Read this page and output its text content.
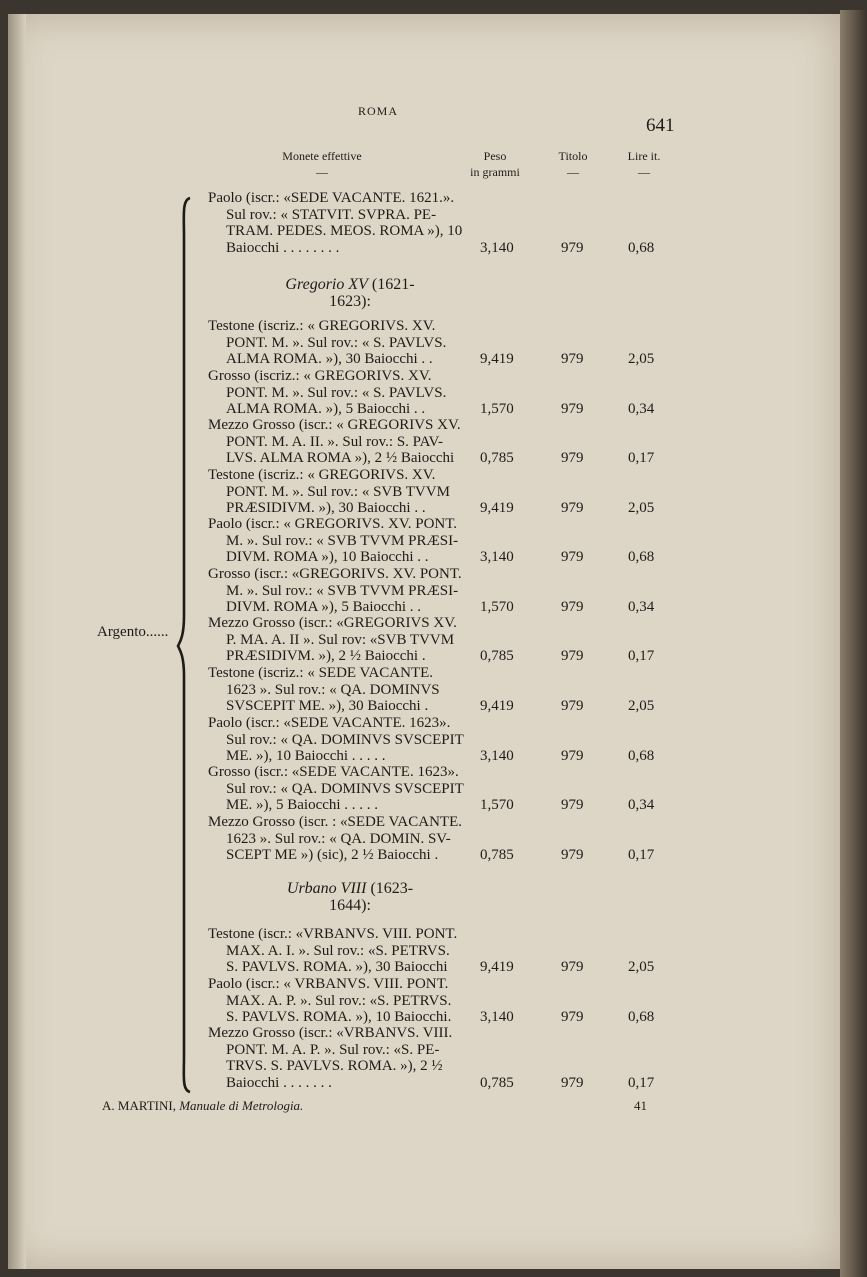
ROMA
641
Monete effettive
—
Peso
in grammi
Titolo
—
Lire it.
—
Argento......
Paolo (iscr.: «SEDE VACANTE. 1621.».
Sul rov.: « STATVIT. SVPRA. PE-
TRAM. PEDES. MEOS. ROMA »), 10
Baiocchi . . . . . . . .	3,140	979	0,68
Gregorio XV (1621-
1623):
Testone (iscriz.: « GREGORIVS. XV.
PONT. M. ». Sul rov.: « S. PAVLVS.
ALMA ROMA. »), 30 Baiocchi . .	9,419	979	2,05
Grosso (iscriz.: « GREGORIVS. XV.
PONT. M. ». Sul rov.: « S. PAVLVS.
ALMA ROMA. »), 5 Baiocchi . .	1,570	979	0,34
Mezzo Grosso (iscr.: « GREGORIVS XV.
PONT. M. A. II. ». Sul rov.: S. PAV-
LVS. ALMA ROMA »), 2 ½ Baiocchi	0,785	979	0,17
Testone (iscriz.: « GREGORIVS. XV.
PONT. M. ». Sul rov.: « SVB TVVM
PRÆSIDIVM. »), 30 Baiocchi . .	9,419	979	2,05
Paolo (iscr.: « GREGORIVS. XV. PONT.
M. ». Sul rov.: « SVB TVVM PRÆSI-
DIVM. ROMA »), 10 Baiocchi . .	3,140	979	0,68
Grosso (iscr.: «GREGORIVS. XV. PONT.
M. ». Sul rov.: « SVB TVVM PRÆSI-
DIVM. ROMA »), 5 Baiocchi . .	1,570	979	0,34
Mezzo Grosso (iscr.: «GREGORIVS XV.
P. MA. A. II ». Sul rov: «SVB TVVM
PRÆSIDIVM. »), 2 ½ Baiocchi .	0,785	979	0,17
Testone (iscriz.: « SEDE VACANTE.
1623 ». Sul rov.: « QA. DOMINVS
SVSCEPIT ME. »), 30 Baiocchi .	9,419	979	2,05
Paolo (iscr.: «SEDE VACANTE. 1623».
Sul rov.: « QA. DOMINVS SVSCEPIT
ME. »), 10 Baiocchi . . . . .	3,140	979	0,68
Grosso (iscr.: «SEDE VACANTE. 1623».
Sul rov.: « QA. DOMINVS SVSCEPIT
ME. »), 5 Baiocchi . . . . .	1,570	979	0,34
Mezzo Grosso (iscr. : «SEDE VACANTE.
1623 ». Sul rov.: « QA. DOMIN. SV-
SCEPT ME ») (sic), 2 ½ Baiocchi .	0,785	979	0,17
Urbano VIII (1623-
1644):
Testone (iscr.: «VRBANVS. VIII. PONT.
MAX. A. I. ». Sul rov.: «S. PETRVS.
S. PAVLVS. ROMA. »), 30 Baiocchi	9,419	979	2,05
Paolo (iscr.: « VRBANVS. VIII. PONT.
MAX. A. P. ». Sul rov.: «S. PETRVS.
S. PAVLVS. ROMA. »), 10 Baiocchi.	3,140	979	0,68
Mezzo Grosso (iscr.: «VRBANVS. VIII.
PONT. M. A. P. ». Sul rov.: «S. PE-
TRVS. S. PAVLVS. ROMA. »), 2 ½
Baiocchi . . . . . . .	0,785	979	0,17
A. MARTINI, Manuale di Metrologia.	41
